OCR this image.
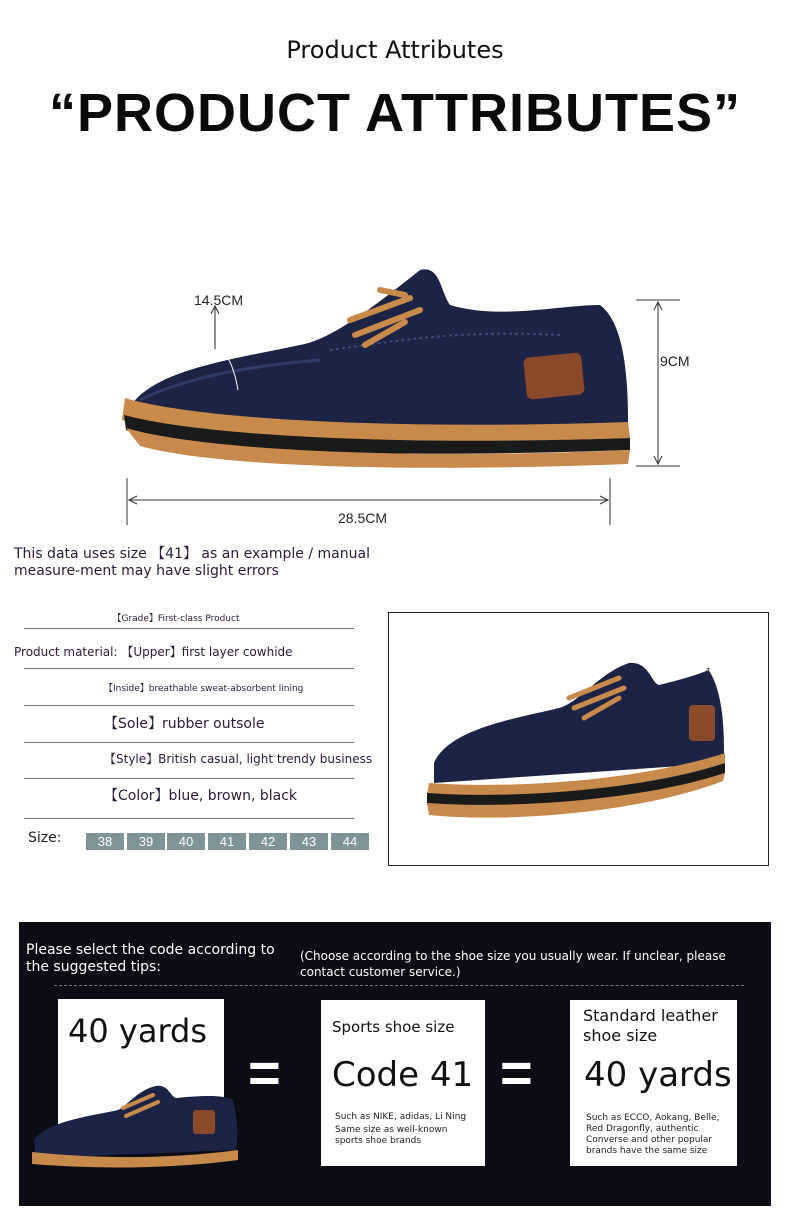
Product Attributes
“PRODUCT ATTRIBUTES”
14.5CM
9CM
28.5CM
This data uses size 【41】 as an example / manual measure-ment may have slight errors
【Grade】First-class Product
Product material: 【Upper】first layer cowhide
【Inside】breathable sweat-absorbent lining
【Sole】rubber outsole
【Style】British casual, light trendy business
【Color】blue, brown, black
Size:	38	39	40	41	42	43	44
Please select the code according to the suggested tips:
(Choose according to the shoe size you usually wear. If unclear, please contact customer service.)
40 yards
=
Sports shoe size
Code 41
Such as NIKE, adidas, Li Ning
Same size as well-known sports shoe brands
=
Standard leather shoe size
40 yards
Such as ECCO, Aokang, Belle, Red Dragonfly, authentic Converse and other popular brands have the same size
